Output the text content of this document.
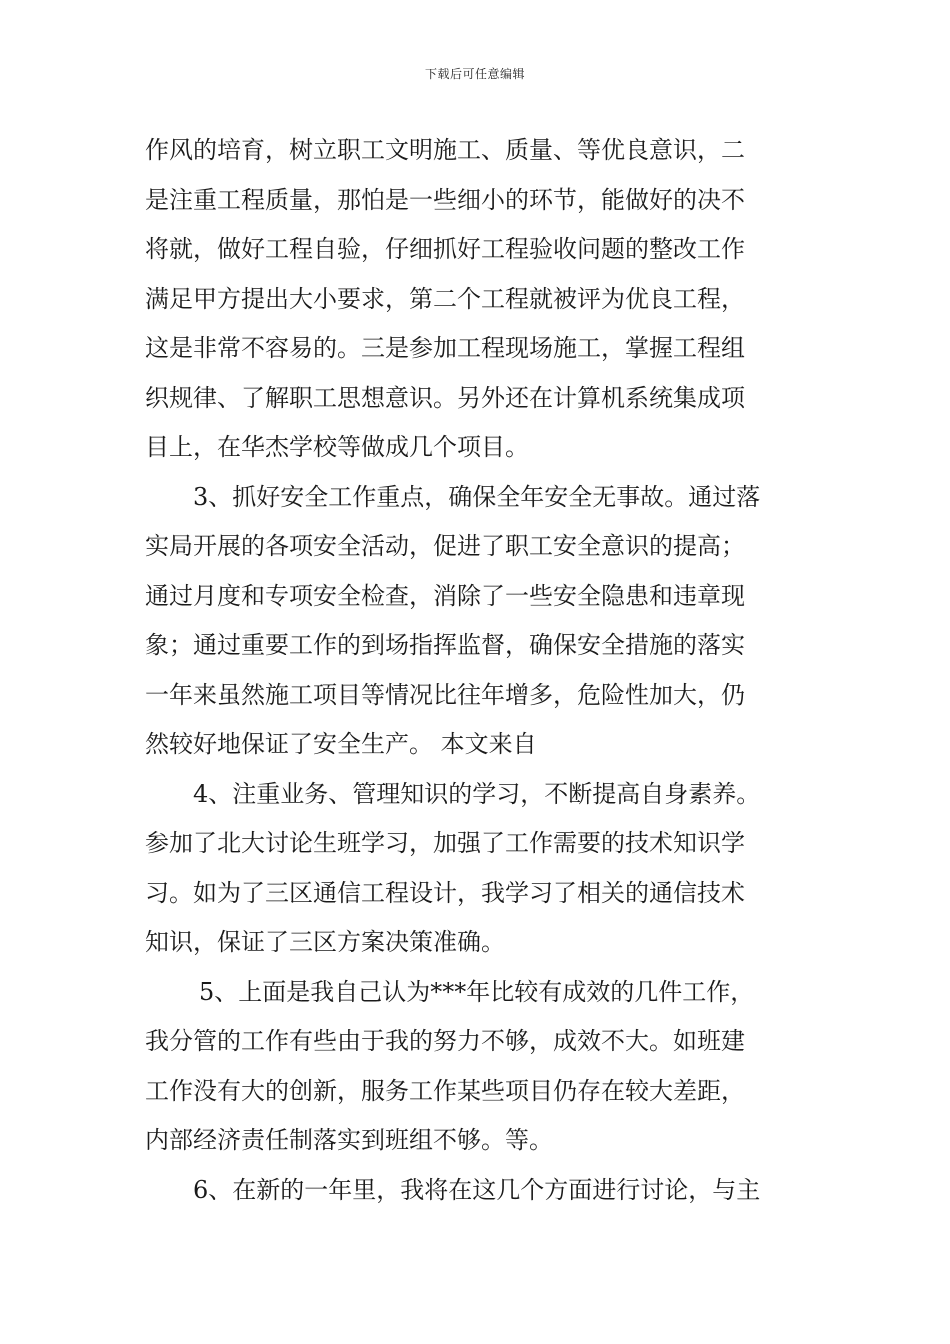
下载后可任意编辑
作风的培育，树立职工文明施工、质量、等优良意识，二
是注重工程质量，那怕是一些细小的环节，能做好的决不
将就，做好工程自验，仔细抓好工程验收问题的整改工作
满足甲方提出大小要求，第二个工程就被评为优良工程，
这是非常不容易的。三是参加工程现场施工，掌握工程组
织规律、了解职工思想意识。另外还在计算机系统集成项
目上，在华杰学校等做成几个项目。
3、抓好安全工作重点，确保全年安全无事故。通过落
实局开展的各项安全活动，促进了职工安全意识的提高；
通过月度和专项安全检查，消除了一些安全隐患和违章现
象；通过重要工作的到场指挥监督，确保安全措施的落实
一年来虽然施工项目等情况比往年增多，危险性加大，仍
然较好地保证了安全生产。 本文来自
4、注重业务、管理知识的学习，不断提高自身素养。
参加了北大讨论生班学习，加强了工作需要的技术知识学
习。如为了三区通信工程设计，我学习了相关的通信技术
知识，保证了三区方案决策准确。
5、上面是我自己认为***年比较有成效的几件工作，
我分管的工作有些由于我的努力不够，成效不大。如班建
工作没有大的创新，服务工作某些项目仍存在较大差距，
内部经济责任制落实到班组不够。等。
6、在新的一年里，我将在这几个方面进行讨论，与主
